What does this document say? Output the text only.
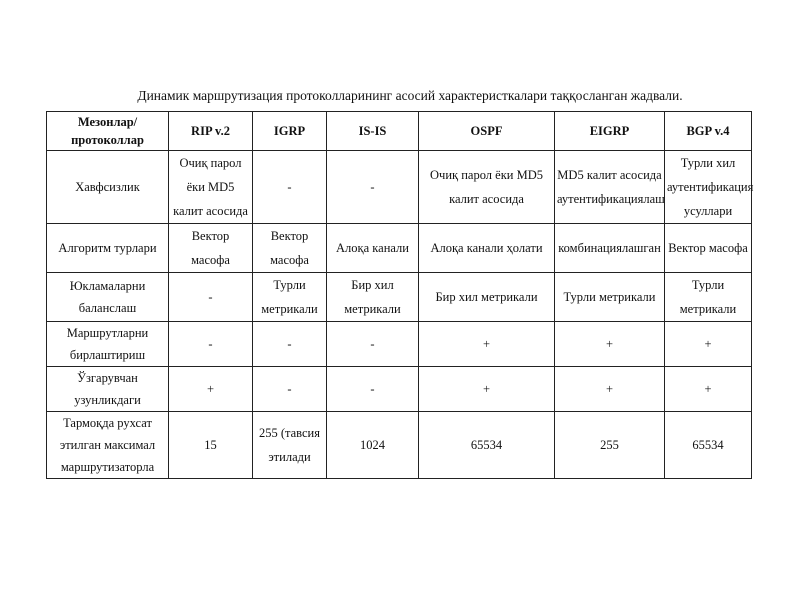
Динамик маршрутизация протоколларининг асосий характеристкалари таққосланган жадвали.
Мезонлар/ протоколлар	RIP v.2	IGRP	IS-IS	OSPF	EIGRP	BGP v.4
Хавфсизлик	Очиқ парол ёки MD5 калит асосида	-	-	Очиқ парол ёки MD5 калит асосида	MD5 калит асосида аутентификациялаш	Турли хил аутентификация усуллари
Алгоритм турлари	Вектор масофа	Вектор масофа	Алоқа канали	Алоқа канали ҳолати	комбинациялашган	Вектор масофа
Юкламаларни баланслаш	-	Турли метрикали	Бир хил метрикали	Бир хил метрикали	Турли метрикали	Турли метрикали
Маршрутларни бирлаштириш	-	-	-	+	+	+
Ўзгарувчан узунликдаги	+	-	-	+	+	+
Тармоқда рухсат этилган максимал маршрутизаторла	15	255 (тавсия этилади	1024	65534	255	65534
